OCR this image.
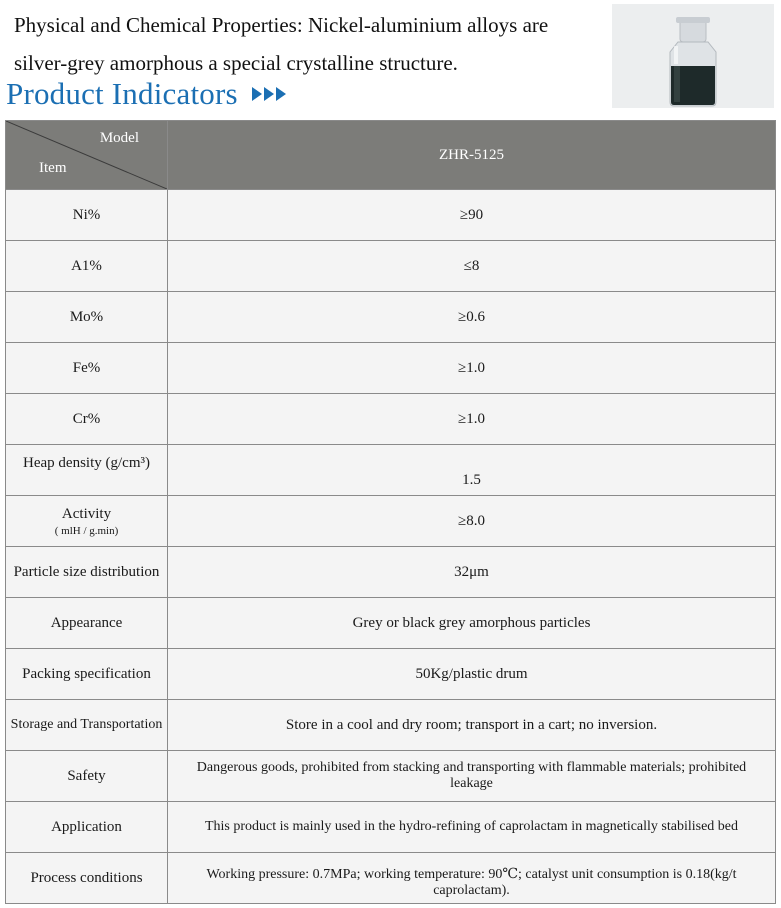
Physical and Chemical Properties: Nickel-aluminium alloys are
silver-grey amorphous a special crystalline structure.
Product Indicators
Model
Item	ZHR-5125
Ni%	≥90
A1%	≤8
Mo%	≥0.6
Fe%	≥1.0
Cr%	≥1.0
Heap density (g/cm³)	1.5

Activity
( mlH / g.min)	≥8.0
Particle size distribution	32μm
Appearance	Grey or black grey amorphous particles
Packing specification	50Kg/plastic drum
Storage and Transportation	Store in a cool and dry room; transport in a cart; no inversion.
Safety	Dangerous goods, prohibited from stacking and transporting with flammable materials; prohibited leakage
Application	This product is mainly used in the hydro-refining of caprolactam in magnetically stabilised bed
Process conditions	Working pressure: 0.7MPa; working temperature: 90℃; catalyst unit consumption is 0.18(kg/t caprolactam).
